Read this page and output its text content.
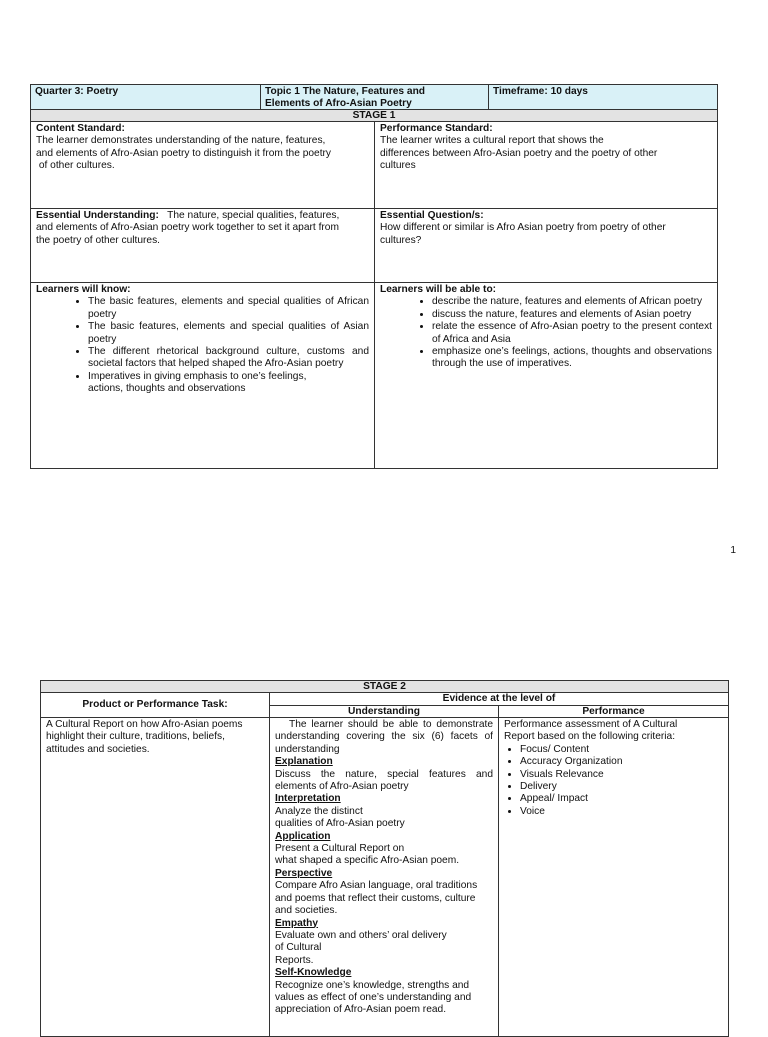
Quarter 3: Poetry	Topic 1 The Nature, Features and
Elements of Afro-Asian Poetry
Timeframe: 10 days
STAGE 1
Content Standard:
The learner demonstrates understanding of the nature, features,
and elements of Afro-Asian poetry to distinguish it from the poetry
of other cultures.
Performance Standard:
The learner writes a cultural report that shows the
differences between Afro-Asian poetry and the poetry of other
cultures
Essential Understanding:   The nature, special qualities, features,
and elements of Afro-Asian poetry work together to set it apart from
the poetry of other cultures.
Essential Question/s:
How different or similar is Afro Asian poetry from poetry of other
cultures?
Learners will know:
• The basic features, elements and special qualities of African poetry
• The basic features, elements and special qualities of Asian poetry
• The different rhetorical background culture, customs and societal factors that helped shaped the Afro-Asian poetry
• Imperatives in giving emphasis to one’s feelings, actions, thoughts and observations
Learners will be able to:
• describe the nature, features and elements of African poetry
• discuss the nature, features and elements of Asian poetry
• relate the essence of Afro-Asian poetry to the present context of Africa and Asia
• emphasize one’s feelings, actions, thoughts and observations through the use of imperatives.
1
STAGE 2
Product or Performance Task:
Evidence at the level of
Understanding	Performance
A Cultural Report on how Afro-Asian poems
highlight their culture, traditions, beliefs,
attitudes and societies.
The learner should be able to demonstrate understanding covering the six (6) facets of understanding
Explanation
Discuss the nature, special features and elements of Afro-Asian poetry
Interpretation
Analyze the distinct
qualities of Afro-Asian poetry
Application
Present a Cultural Report on
what shaped a specific Afro-Asian poem.
Perspective
Compare Afro Asian language, oral traditions
and poems that reflect their customs, culture
and societies.
Empathy
Evaluate own and others’ oral delivery
of Cultural
Reports.
Self-Knowledge
Recognize one’s knowledge, strengths and
values as effect of one’s understanding and
appreciation of Afro-Asian poem read.
Performance assessment of A Cultural
Report based on the following criteria:
• Focus/ Content
• Accuracy Organization
• Visuals Relevance
• Delivery
• Appeal/ Impact
• Voice
